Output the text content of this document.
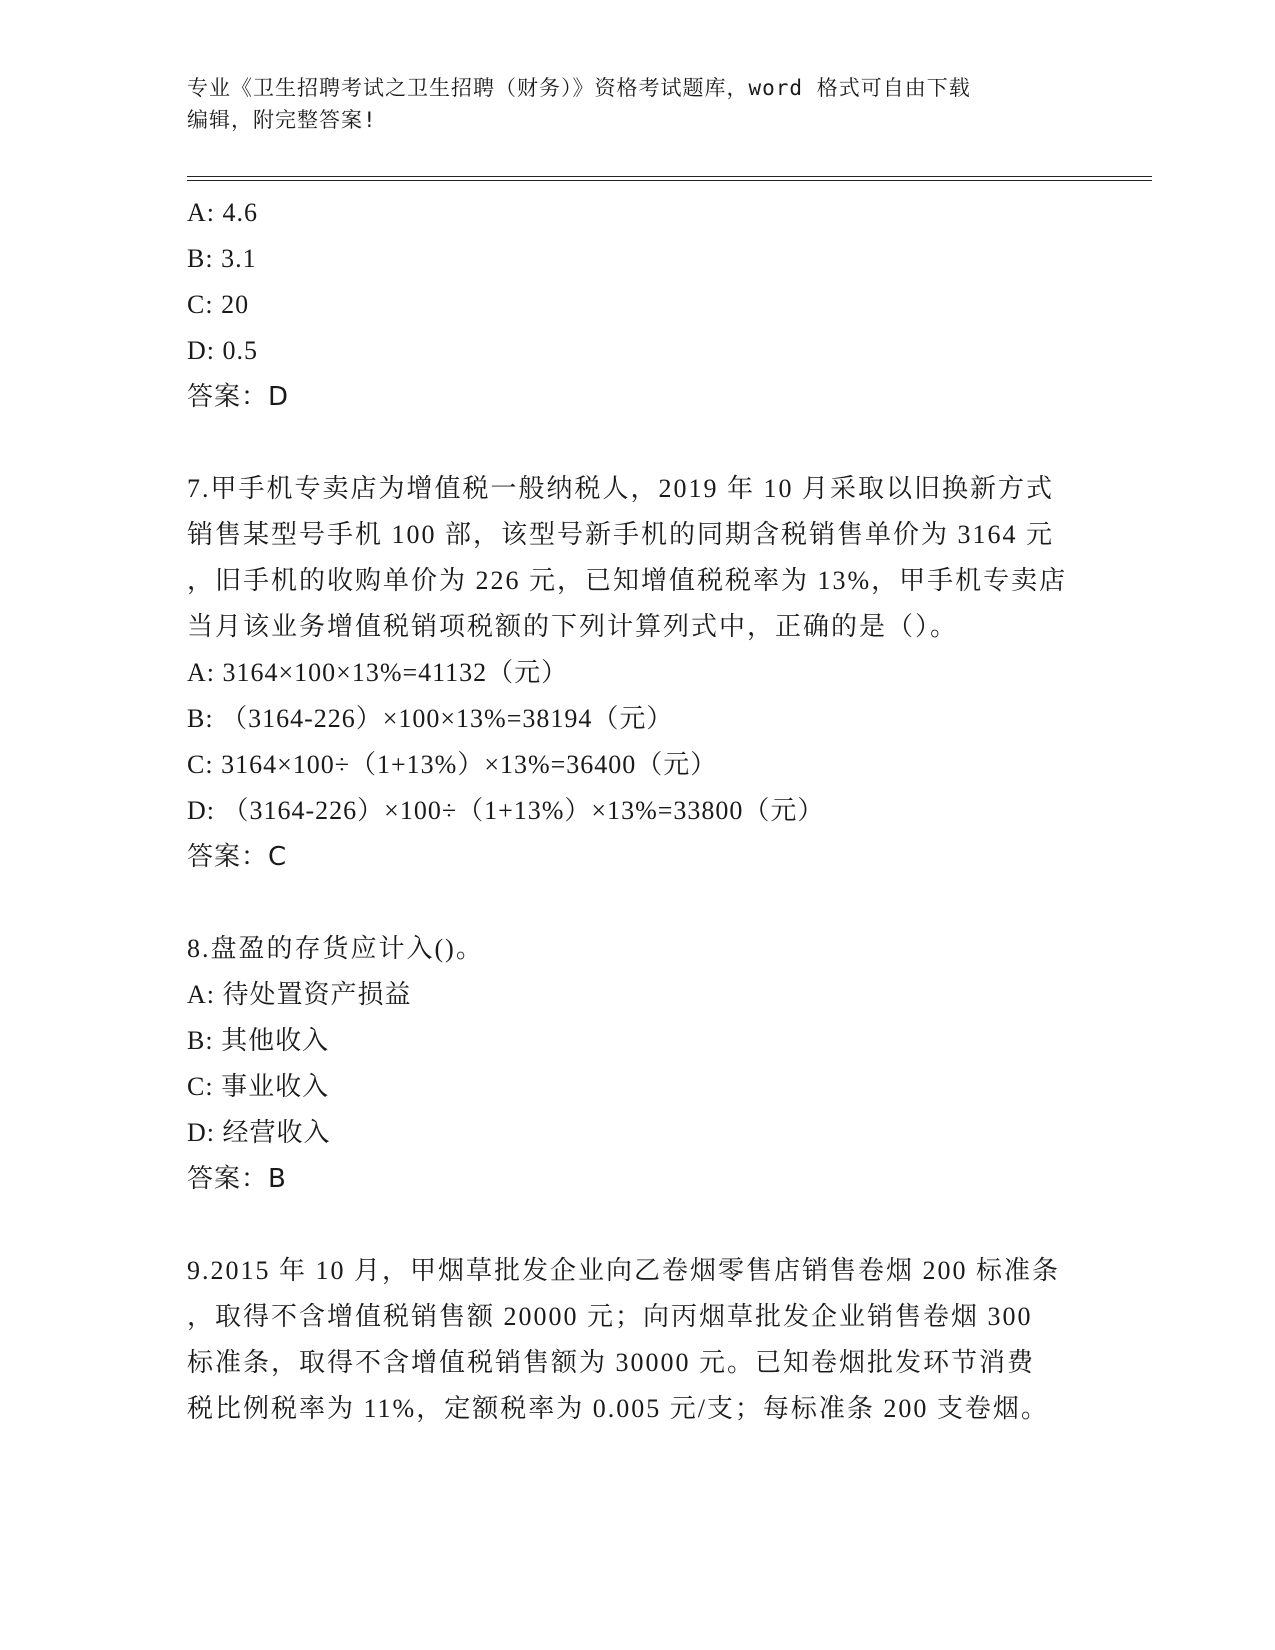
专业《卫生招聘考试之卫生招聘（财务）》资格考试题库，word 格式可自由下载
编辑，附完整答案!
A: 4.6
B: 3.1
C: 20
D: 0.5
答案：D
7.甲手机专卖店为增值税一般纳税人，2019 年 10 月采取以旧换新方式
销售某型号手机 100 部，该型号新手机的同期含税销售单价为 3164 元
，旧手机的收购单价为 226 元，已知增值税税率为 13%，甲手机专卖店
当月该业务增值税销项税额的下列计算列式中，正确的是（）。
A: 3164×100×13%=41132（元）
B: （3164-226）×100×13%=38194（元）
C: 3164×100÷（1+13%）×13%=36400（元）
D: （3164-226）×100÷（1+13%）×13%=33800（元）
答案：C
8.盘盈的存货应计入()。
A: 待处置资产损益
B: 其他收入
C: 事业收入
D: 经营收入
答案：B
9.2015 年 10 月，甲烟草批发企业向乙卷烟零售店销售卷烟 200 标准条
，取得不含增值税销售额 20000 元；向丙烟草批发企业销售卷烟 300
标准条，取得不含增值税销售额为 30000 元。已知卷烟批发环节消费
税比例税率为 11%，定额税率为 0.005 元/支；每标准条 200 支卷烟。
